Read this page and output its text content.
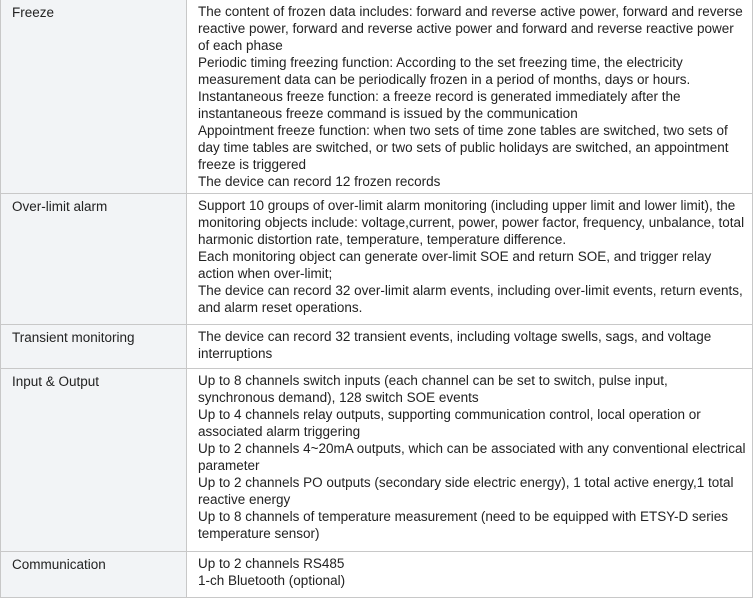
Freeze	The content of frozen data includes: forward and reverse active power, forward and reverse reactive power, forward and reverse active power and forward and reverse reactive power of each phase
Periodic timing freezing function: According to the set freezing time, the electricity measurement data can be periodically frozen in a period of months, days or hours.
Instantaneous freeze function: a freeze record is generated immediately after the instantaneous freeze command is issued by the communication
Appointment freeze function: when two sets of time zone tables are switched, two sets of day time tables are switched, or two sets of public holidays are switched, an appointment freeze is triggered
The device can record 12 frozen records

Over-limit alarm	Support 10 groups of over-limit alarm monitoring (including upper limit and lower limit), the monitoring objects include: voltage,current, power, power factor, frequency, unbalance, total harmonic distortion rate, temperature, temperature difference.
Each monitoring object can generate over-limit SOE and return SOE, and trigger relay action when over-limit;
The device can record 32 over-limit alarm events, including over-limit events, return events, and alarm reset operations.

Transient monitoring	The device can record 32 transient events, including voltage swells, sags, and voltage interruptions

Input & Output	Up to 8 channels switch inputs (each channel can be set to switch, pulse input, synchronous demand), 128 switch SOE events
Up to 4 channels relay outputs, supporting communication control, local operation or associated alarm triggering
Up to 2 channels 4~20mA outputs, which can be associated with any conventional electrical parameter
Up to 2 channels PO outputs (secondary side electric energy), 1 total active energy,1 total reactive energy
Up to 8 channels of temperature measurement (need to be equipped with ETSY-D series temperature sensor)

Communication	Up to 2 channels RS485
1-ch Bluetooth (optional)
